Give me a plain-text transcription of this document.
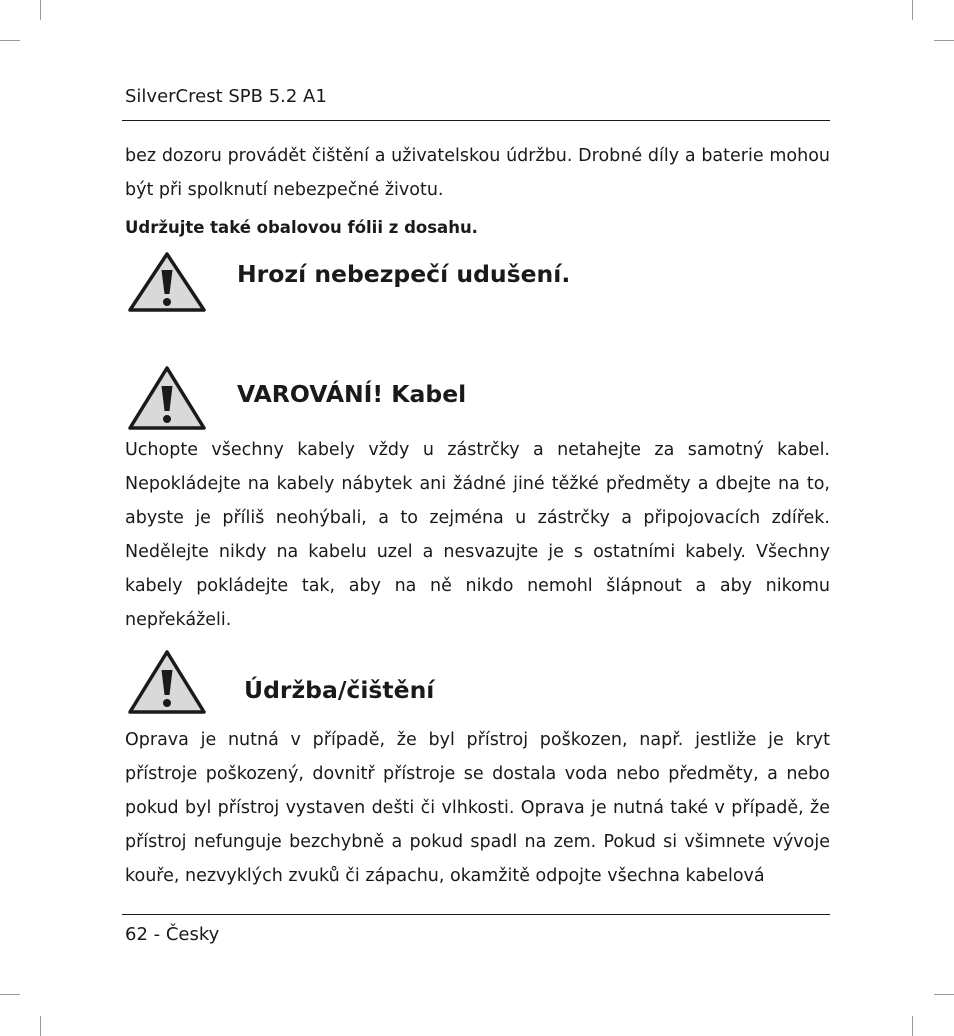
SilverCrest SPB 5.2 A1

bez dozoru provádět čištění a uživatelskou údržbu. Drobné díly a baterie mohou být při spolknutí nebezpečné životu.

Udržujte také obalovou fólii z dosahu.

Hrozí nebezpečí udušení.
VAROVÁNÍ! Kabel

Uchopte všechny kabely vždy u zástrčky a netahejte za samotný kabel. Nepokládejte na kabely nábytek ani žádné jiné těžké předměty a dbejte na to, abyste je příliš neohýbali, a to zejména u zástrčky a připojovacích zdířek. Nedělejte nikdy na kabelu uzel a nesvazujte je s ostatními kabely. Všechny kabely pokládejte tak, aby na ně nikdo nemohl šlápnout a aby nikomu nepřekáželi.

Údržba/čištění

Oprava je nutná v případě, že byl přístroj poškozen, např. jestliže je kryt přístroje poškozený, dovnitř přístroje se dostala voda nebo předměty, a nebo pokud byl přístroj vystaven dešti či vlhkosti. Oprava je nutná také v případě, že přístroj nefunguje bezchybně a pokud spadl na zem. Pokud si všimnete vývoje kouře, nezvyklých zvuků či zápachu, okamžitě odpojte všechna kabelová

62 - Česky
